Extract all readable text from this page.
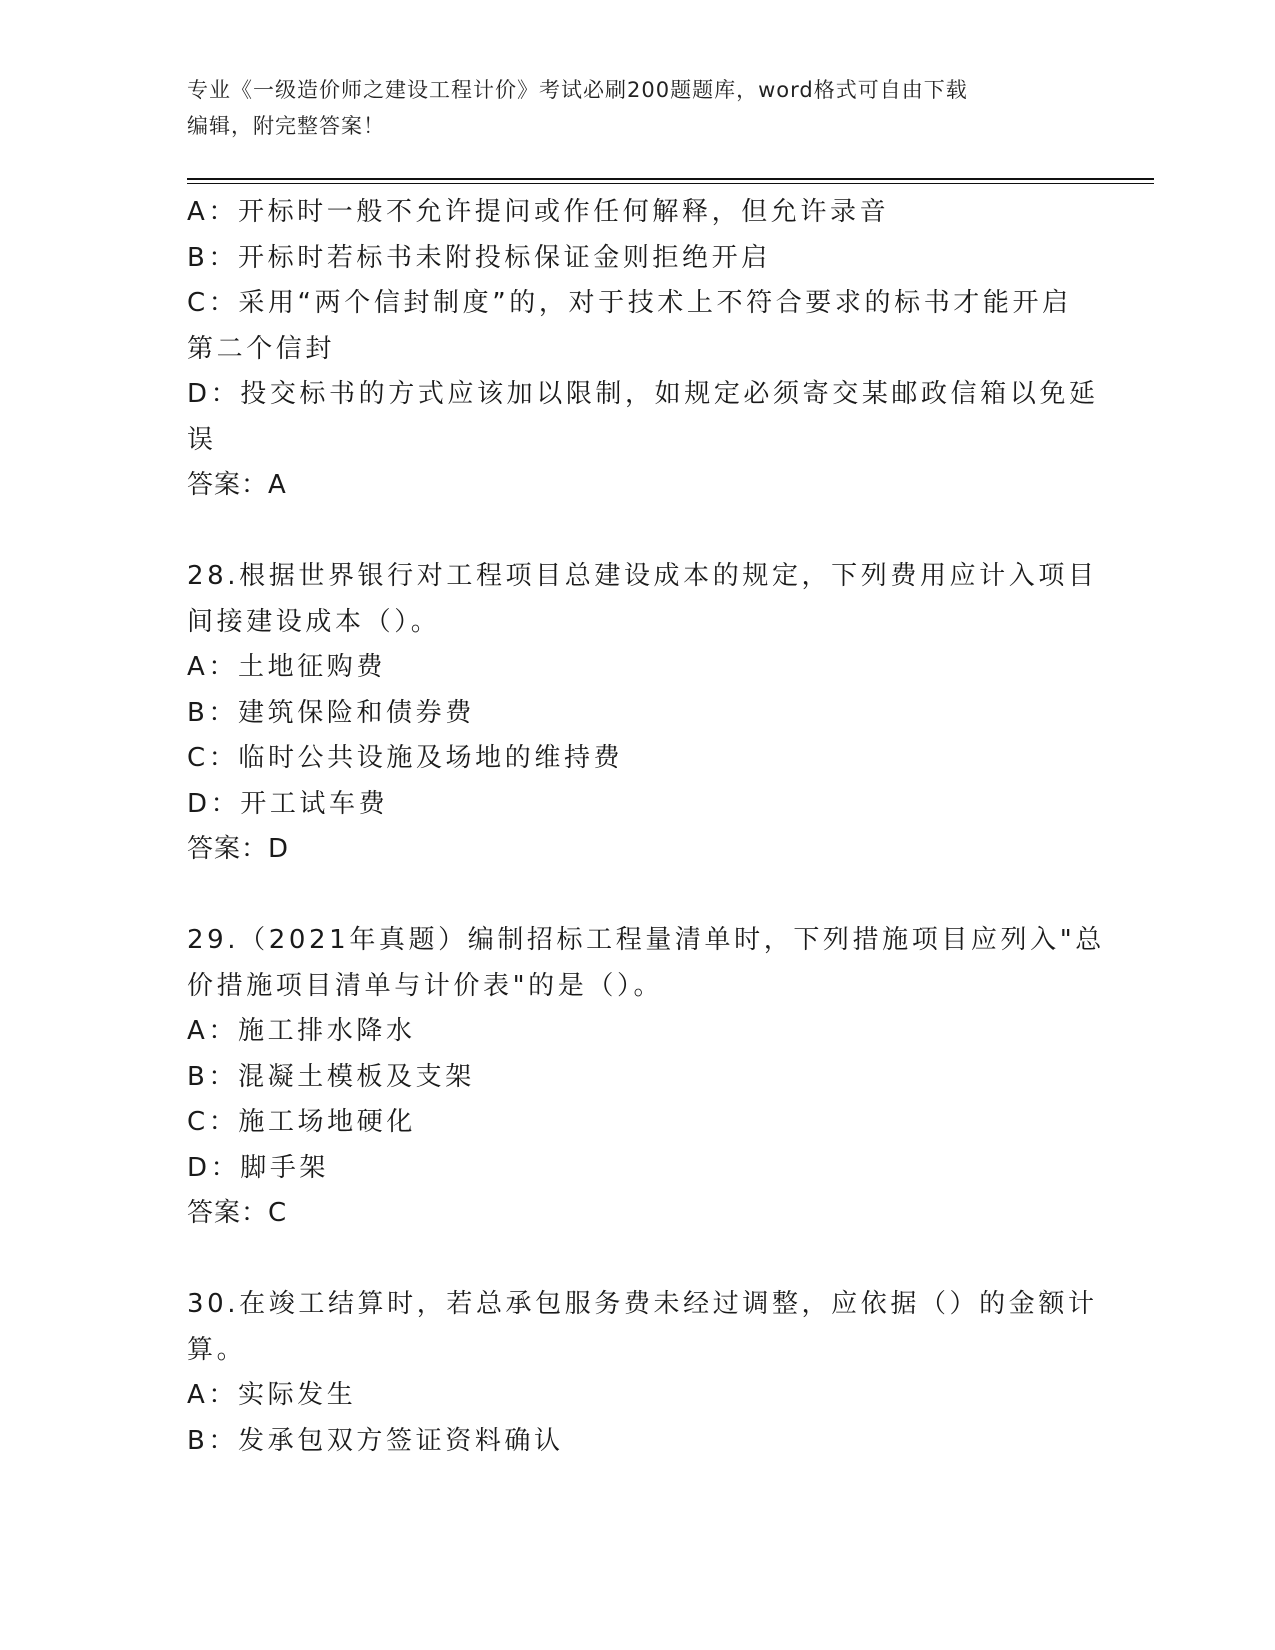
专业《一级造价师之建设工程计价》考试必刷200题题库，word格式可自由下载
编辑，附完整答案！
A：开标时一般不允许提问或作任何解释，但允许录音
B：开标时若标书未附投标保证金则拒绝开启
C：采用“两个信封制度”的，对于技术上不符合要求的标书才能开启
第二个信封
D：投交标书的方式应该加以限制，如规定必须寄交某邮政信箱以免延
误
答案：A
28.根据世界银行对工程项目总建设成本的规定，下列费用应计入项目
间接建设成本（）。
A：土地征购费
B：建筑保险和债券费
C：临时公共设施及场地的维持费
D：开工试车费
答案：D
29.（2021年真题）编制招标工程量清单时，下列措施项目应列入"总
价措施项目清单与计价表"的是（）。
A：施工排水降水
B：混凝土模板及支架
C：施工场地硬化
D：脚手架
答案：C
30.在竣工结算时，若总承包服务费未经过调整，应依据（）的金额计
算。
A：实际发生
B：发承包双方签证资料确认
